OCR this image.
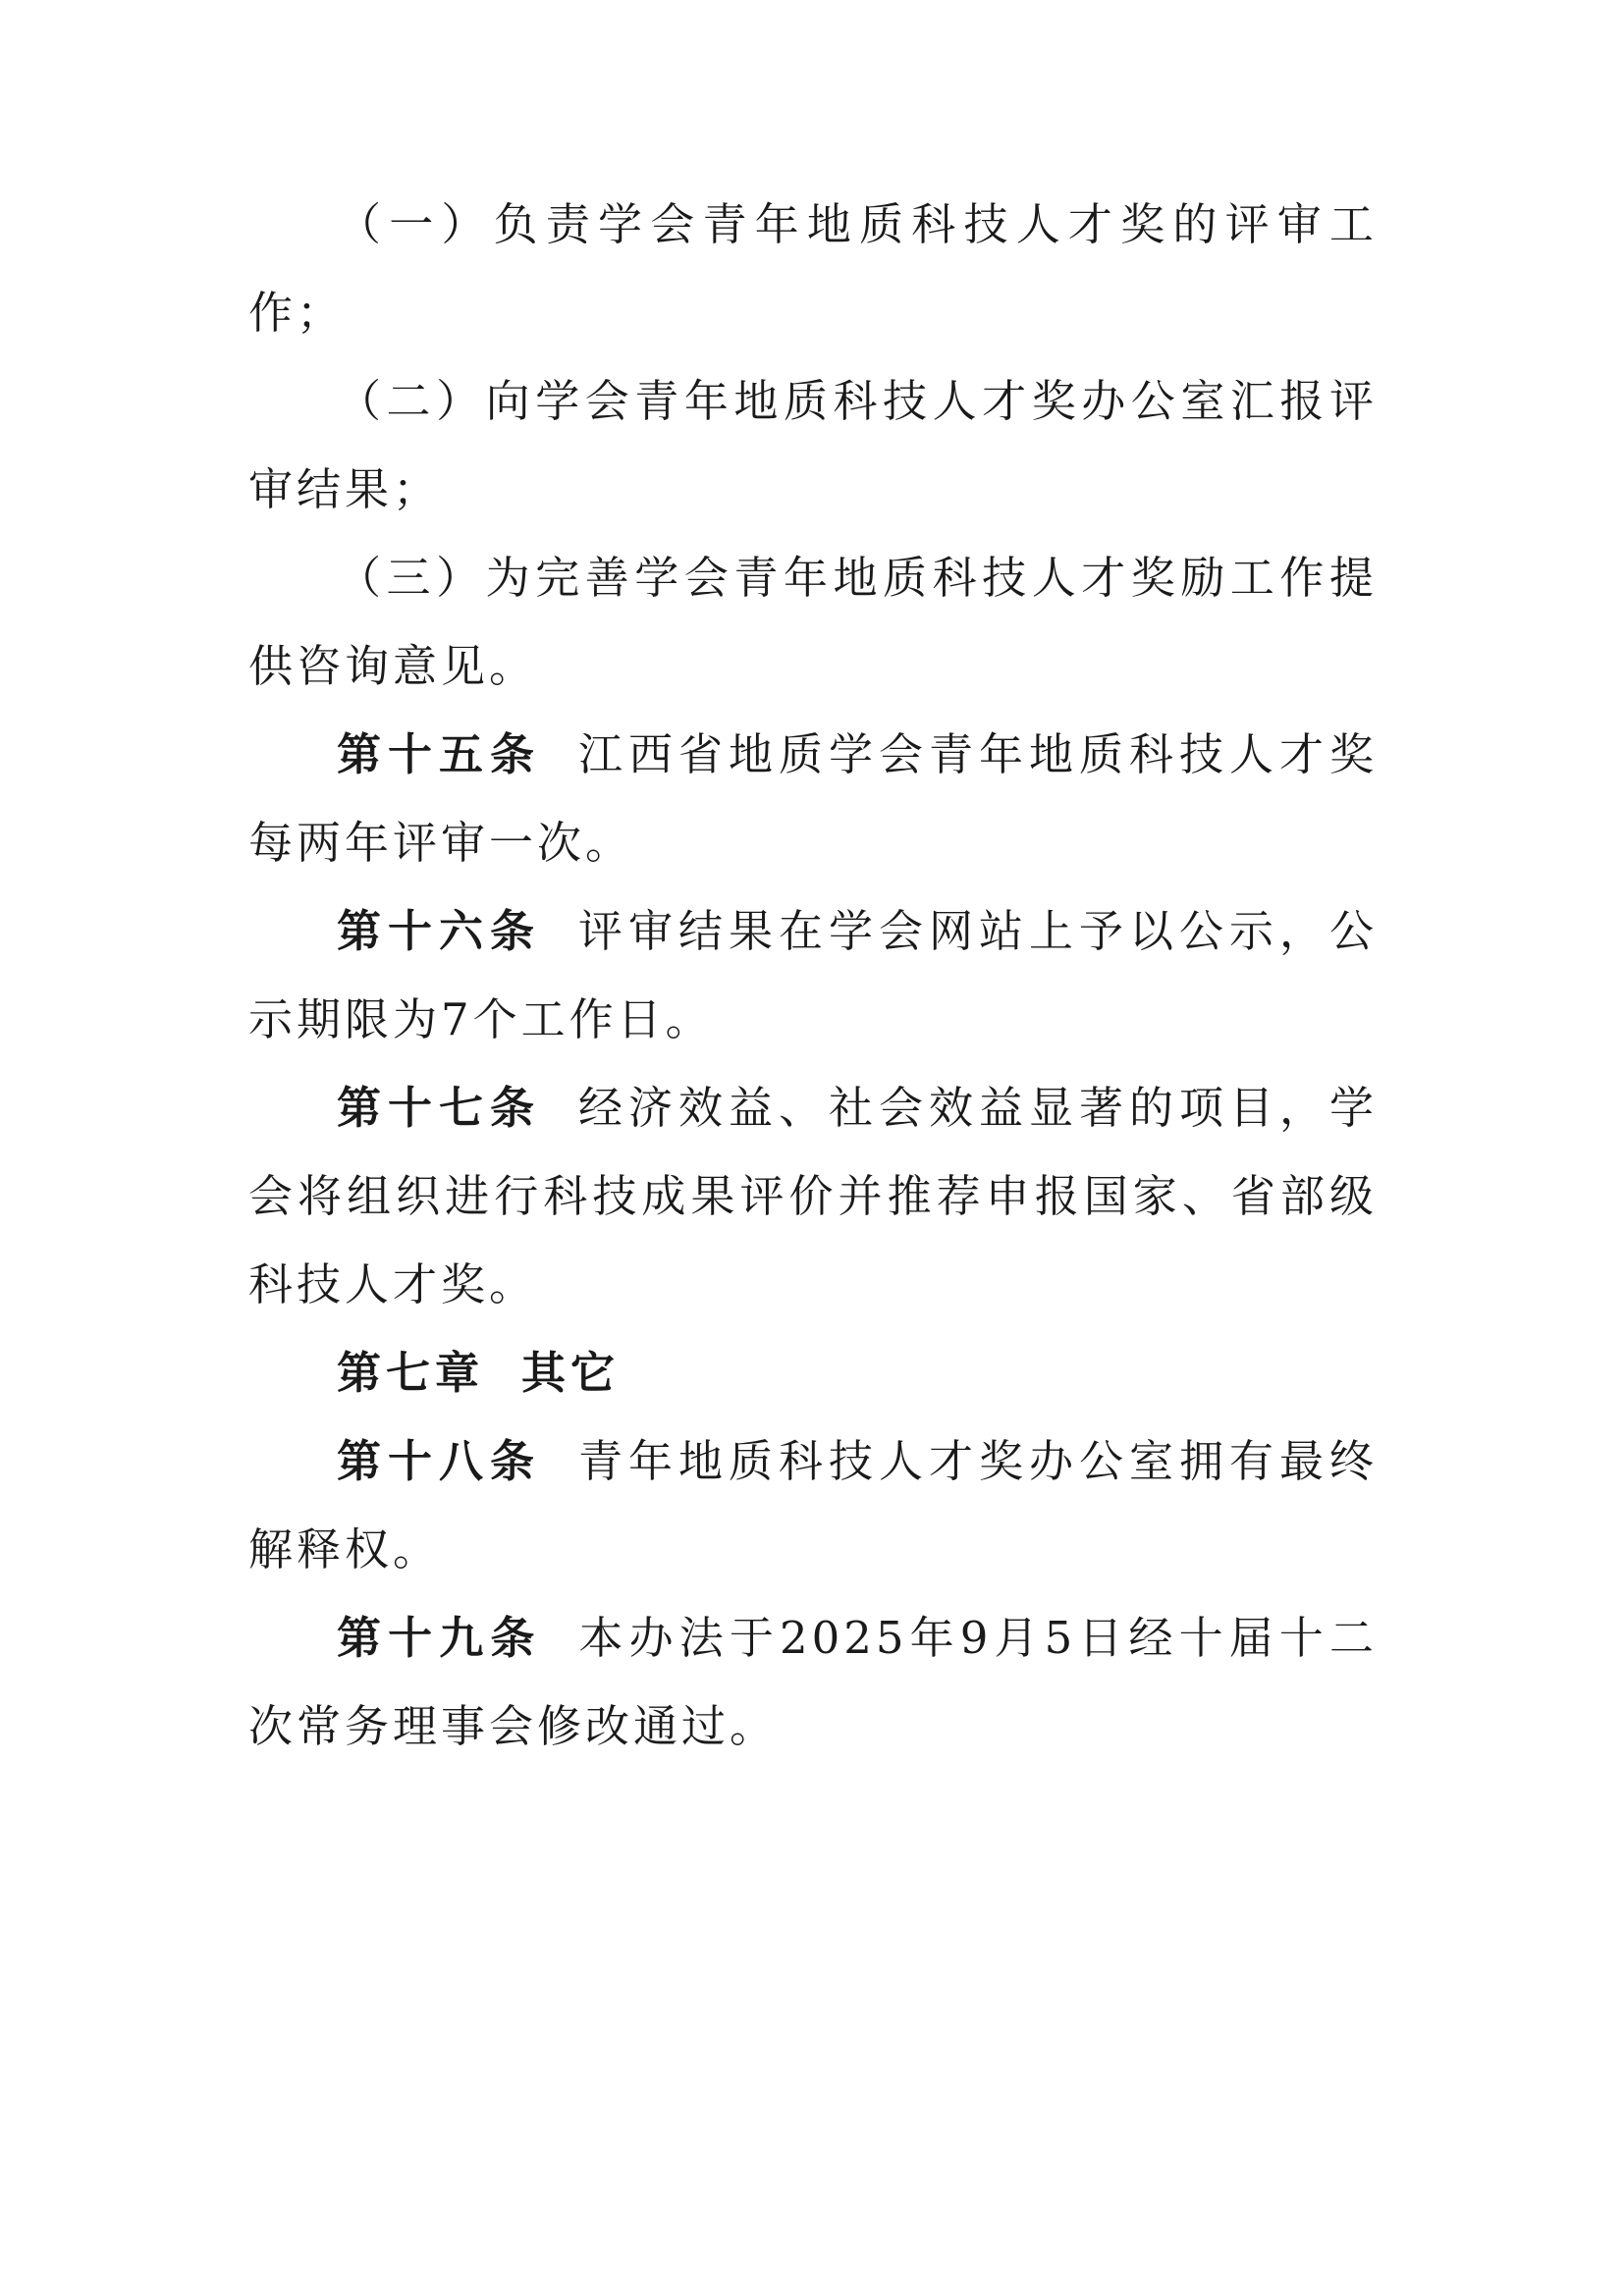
（一）负责学会青年地质科技人才奖的评审工作；

（二）向学会青年地质科技人才奖办公室汇报评审结果；

（三）为完善学会青年地质科技人才奖励工作提供咨询意见。

第十五条 江西省地质学会青年地质科技人才奖每两年评审一次。

第十六条 评审结果在学会网站上予以公示，公示期限为7个工作日。

第十七条 经济效益、社会效益显著的项目，学会将组织进行科技成果评价并推荐申报国家、省部级科技人才奖。

第七章 其它

第十八条 青年地质科技人才奖办公室拥有最终解释权。

第十九条 本办法于2025年9月5日经十届十二次常务理事会修改通过。
